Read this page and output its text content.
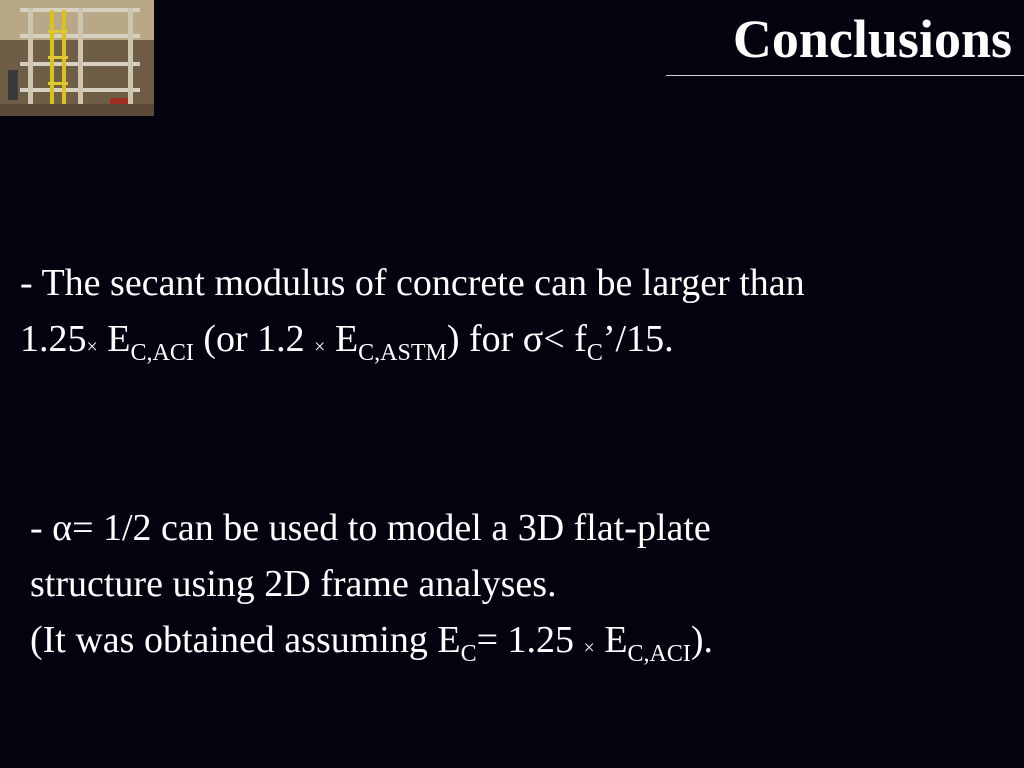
Conclusions
- The secant modulus of concrete can be larger than
$1.25\times E_{C,ACI}$ (or $1.2 \times E_{C,ASTM}$) for $\sigma< f_C’/15$.
- α= 1/2 can be used to model a 3D flat-plate
structure using 2D frame analyses.
(It was obtained assuming $E_C= 1.25 \times E_{C,ACI}$).
